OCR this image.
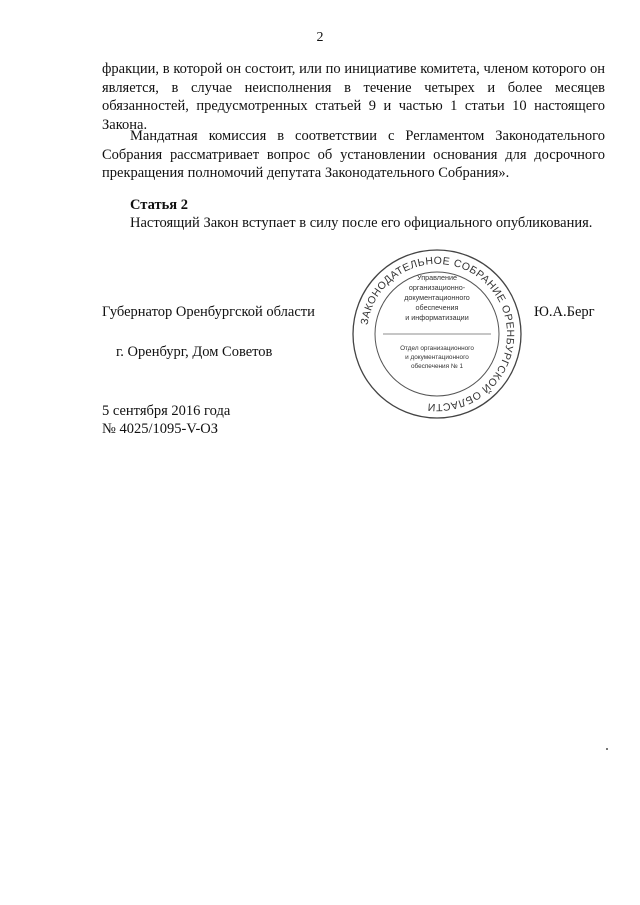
2

фракции, в которой он состоит, или по инициативе комитета, членом которого он является, в случае неисполнения в течение четырех и более месяцев обязанностей, предусмотренных статьей 9 и частью 1 статьи 10 настоящего Закона.

Мандатная комиссия в соответствии с Регламентом Законодательного Собрания рассматривает вопрос об установлении основания для досрочного прекращения полномочий депутата Законодательного Собрания».

Статья 2

Настоящий Закон вступает в силу после его официального опубликования.

ЗАКОНОДАТЕЛЬНОЕ СОБРАНИЕ ОРЕНБУРГСКОЙ ОБЛАСТИ
Управление
организационно-
документационного
обеспечения
и информатизации
Отдел организационного
и документационного
обеспечения № 1

Губернатор Оренбургской области	Ю.А.Берг

г. Оренбург, Дом Советов

5 сентября 2016 года

№ 4025/1095-V-ОЗ
